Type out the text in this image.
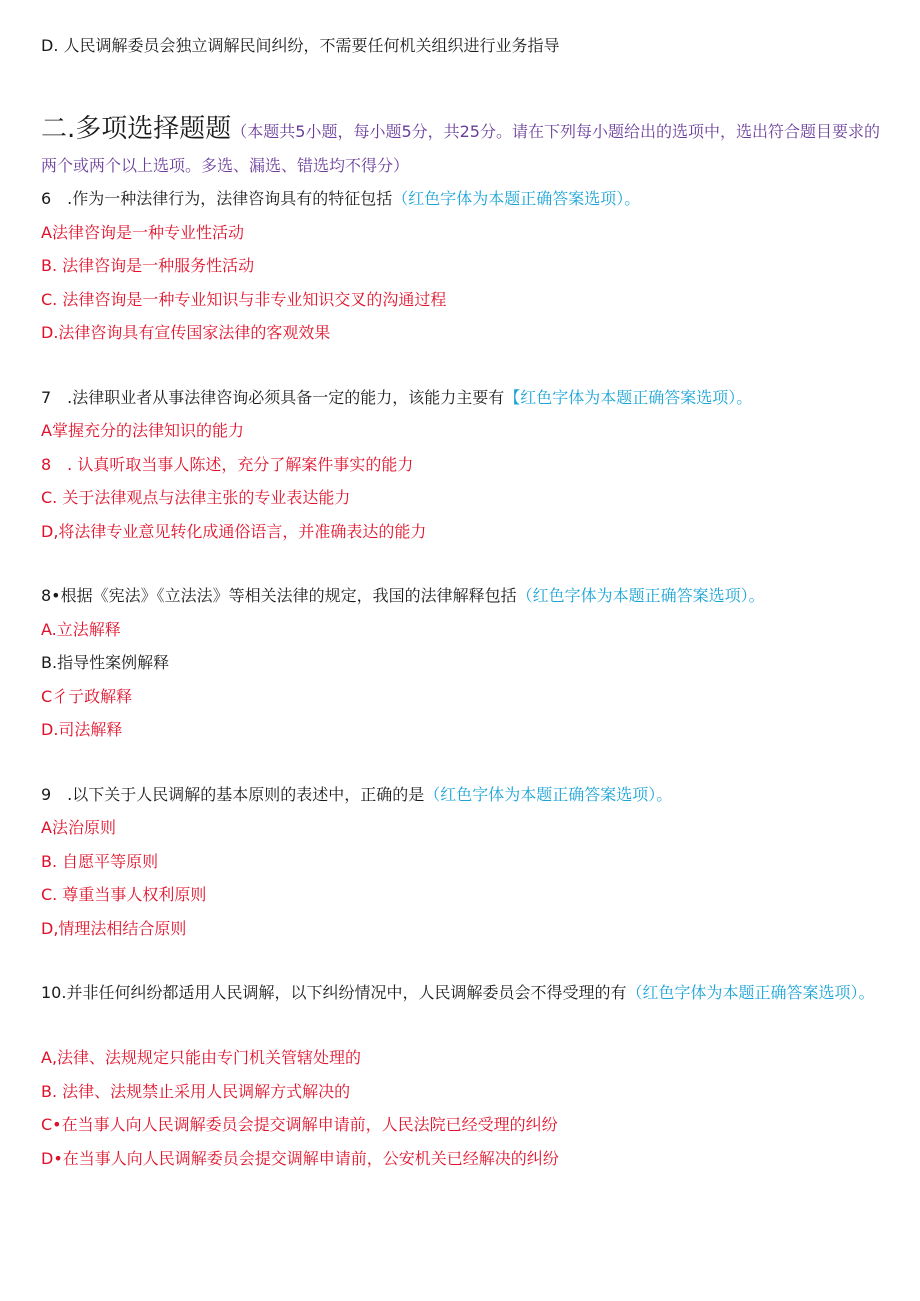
D. 人民调解委员会独立调解民间纠纷，不需要任何机关组织进行业务指导

二.多项选择题题（本题共5小题，每小题5分，共25分。请在下列每小题给出的选项中，选出符合题目要求的两个或两个以上选项。多选、漏选、错选均不得分）

6　.作为一种法律行为，法律咨询具有的特征包括（红色字体为本题正确答案选项）。

A法律咨询是一种专业性活动

B. 法律咨询是一种服务性活动

C. 法律咨询是一种专业知识与非专业知识交叉的沟通过程

D.法律咨询具有宣传国家法律的客观效果

7　.法律职业者从事法律咨询必须具备一定的能力，该能力主要有【红色字体为本题正确答案选项）。

A掌握充分的法律知识的能力

8　. 认真听取当事人陈述，充分了解案件事实的能力

C. 关于法律观点与法律主张的专业表达能力

D,将法律专业意见转化成通俗语言，并准确表达的能力

8•根据《宪法》《立法法》等相关法律的规定，我国的法律解释包括（红色字体为本题正确答案选项）。

A.立法解释

B.指导性案例解释

C彳亍政解释

D.司法解释

9　.以下关于人民调解的基本原则的表述中，正确的是（红色字体为本题正确答案选项）。

A法治原则

B. 自愿平等原则

C. 尊重当事人权利原则

D,情理法相结合原则

10.并非任何纠纷都适用人民调解，以下纠纷情况中，人民调解委员会不得受理的有（红色字体为本题正确答案选项）。

A,法律、法规规定只能由专门机关管辖处理的

B. 法律、法规禁止采用人民调解方式解决的

C•在当事人向人民调解委员会提交调解申请前，人民法院已经受理的纠纷

D•在当事人向人民调解委员会提交调解申请前，公安机关已经解决的纠纷
